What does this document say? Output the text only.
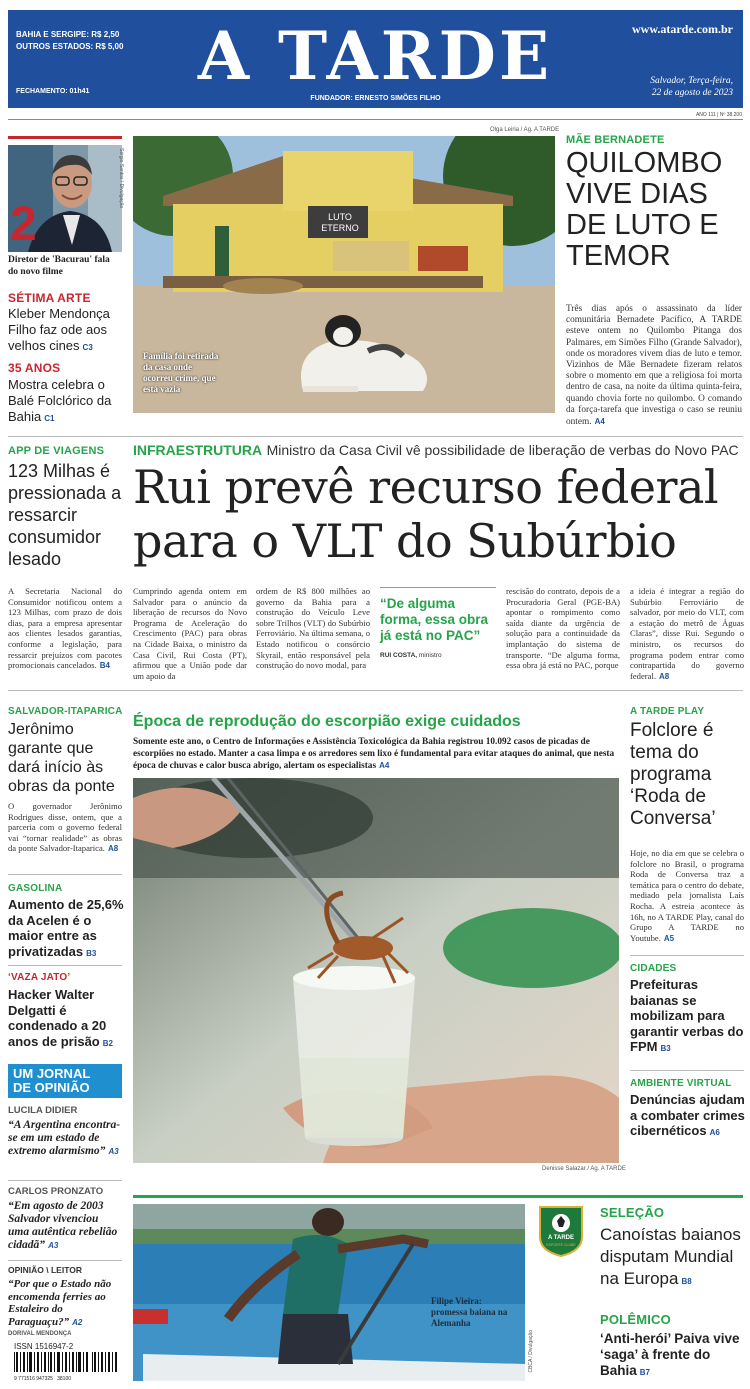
BAHIA E SERGIPE: R$ 2,50
OUTROS ESTADOS: R$ 5,00
FECHAMENTO: 01h41	A TARDE
FUNDADOR: ERNESTO SIMÕES FILHO
www.atarde.com.br
Salvador, Terça-feira,
22 de agosto de 2023
ANO 111 | Nº 38.200
2
Sérgio Santos / Divulgação
Diretor de 'Bacurau' fala do novo filme
SÉTIMA ARTE
Kleber Mendonça Filho faz ode aos velhos cines C3
35 ANOS
Mostra celebra o Balé Folclórico da Bahia C1
Olga Leiria / Ag. A TARDE
LUTO ETERNO
Família foi retirada da casa onde ocorreu crime, que está vazia
MÃE BERNADETE
QUILOMBO VIVE DIAS DE LUTO E TEMOR
Três dias após o assassinato da líder comunitária Bernadete Pacífico, A TARDE esteve ontem no Quilombo Pitanga dos Palmares, em Simões Filho (Grande Salvador), onde os moradores vivem dias de luto e temor. Vizinhos de Mãe Bernadete fizeram relatos sobre o momento em que a religiosa foi morta dentro de casa, na noite da última quinta-feira, quando chovia forte no quilombo. O comando da força-tarefa que investiga o caso se reuniu ontem. A4
APP DE VIAGENS
123 Milhas é pressionada a ressarcir consumidor lesado
A Secretaria Nacional do Consumidor notificou ontem a 123 Milhas, com prazo de dois dias, para a empresa apresentar aos clientes lesados garantias, conforme a legislação, para ressarcir prejuízos com pacotes promocionais cancelados. B4
INFRAESTRUTURA Ministro da Casa Civil vê possibilidade de liberação de verbas do Novo PAC
Rui prevê recurso federal para o VLT do Subúrbio
Cumprindo agenda ontem em Salvador para o anúncio da liberação de recursos do Novo Programa de Aceleração do Crescimento (PAC) para obras na Cidade Baixa, o ministro da Casa Civil, Rui Costa (PT), afirmou que a União pode dar um apoio da
ordem de R$ 800 milhões ao governo da Bahia para a construção do Veículo Leve sobre Trilhos (VLT) do Subúrbio Ferroviário. Na última semana, o Estado notificou o consórcio Skyrail, então responsável pela construção do novo modal, para
“De alguma forma, essa obra já está no PAC”
RUI COSTA, ministro
rescisão do contrato, depois de a Procuradoria Geral (PGE-BA) apontar o rompimento como saída diante da urgência de solução para a continuidade da implantação do sistema de transporte. “De alguma forma, essa obra já está no PAC, porque
a ideia é integrar a região do Subúrbio Ferroviário de salvador, por meio do VLT, com a estação do metrô de Águas Claras”, disse Rui. Segundo o ministro, os recursos do programa podem entrar como contrapartida do governo federal. A8
SALVADOR-ITAPARICA
Jerônimo garante que dará início às obras da ponte
O governador Jerônimo Rodrigues disse, ontem, que a parceria com o governo federal vai “tornar realidade” as obras da ponte Salvador-Itaparica. A8
GASOLINA
Aumento de 25,6% da Acelen é o maior entre as privatizadas B3
‘VAZA JATO’
Hacker Walter Delgatti é condenado a 20 anos de prisão B2
UM JORNAL DE OPINIÃO
LUCILA DIDIER
“A Argentina encontra-se em um estado de extremo alarmismo” A3
CARLOS PRONZATO
“Em agosto de 2003 Salvador vivenciou uma autêntica rebelião cidadã” A3
OPINIÃO \ LEITOR
“Por que o Estado não encomenda ferries ao Estaleiro do Paraguaçu?” A2
DORIVAL MENDONÇA
ISSN 1516947-2
9 771516 947325   38100
Época de reprodução do escorpião exige cuidados
Somente este ano, o Centro de Informações e Assistência Toxicológica da Bahia registrou 10.092 casos de picadas de escorpiões no estado. Manter a casa limpa e os arredores sem lixo é fundamental para evitar ataques do animal, que nesta época de chuvas e calor busca abrigo, alertam os especialistas A4
Denisse Salazar / Ag. A TARDE
A TARDE PLAY
Folclore é tema do programa ‘Roda de Conversa’
Hoje, no dia em que se celebra o folclore no Brasil, o programa Roda de Conversa traz a temática para o centro do debate, mediado pela jornalista Laís Rocha. A estreia acontece às 16h, no A TARDE Play, canal do Grupo A TARDE no Youtube. A5
CIDADES
Prefeituras baianas se mobilizam para garantir verbas do FPM B3
AMBIENTE VIRTUAL
Denúncias ajudam a combater crimes cibernéticos A6
Filipe Vieira: promessa baiana na Alemanha
CBCA / Divulgação
A TARDE
ESPORTE CLUBE
SELEÇÃO
Canoístas baianos disputam Mundial na Europa B8
POLÊMICO
‘Anti-herói’ Paiva vive ‘saga’ à frente do Bahia B7
